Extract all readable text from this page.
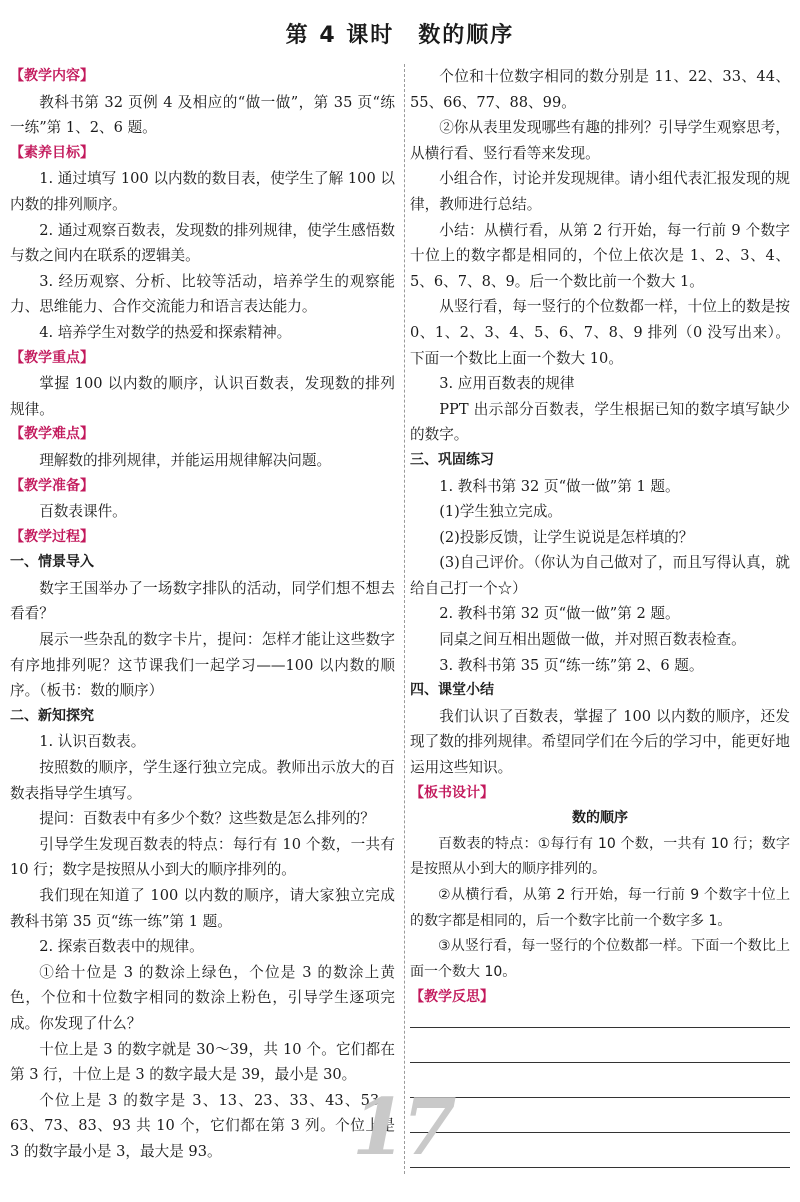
第 4 课时　数的顺序

【教学内容】

教科书第 32 页例 4 及相应的“做一做”，第 35 页“练一练”第 1、2、6 题。

【素养目标】

1. 通过填写 100 以内数的数目表，使学生了解 100 以内数的排列顺序。

2. 通过观察百数表，发现数的排列规律，使学生感悟数与数之间内在联系的逻辑美。

3. 经历观察、分析、比较等活动，培养学生的观察能力、思维能力、合作交流能力和语言表达能力。

4. 培养学生对数学的热爱和探索精神。

【教学重点】

掌握 100 以内数的顺序，认识百数表，发现数的排列规律。

【教学难点】

理解数的排列规律，并能运用规律解决问题。

【教学准备】

百数表课件。

【教学过程】

一、情景导入

数字王国举办了一场数字排队的活动，同学们想不想去看看？

展示一些杂乱的数字卡片，提问：怎样才能让这些数字有序地排列呢？这节课我们一起学习——100 以内数的顺序。（板书：数的顺序）

二、新知探究

1. 认识百数表。

按照数的顺序，学生逐行独立完成。教师出示放大的百数表指导学生填写。

提问：百数表中有多少个数？这些数是怎么排列的？

引导学生发现百数表的特点：每行有 10 个数，一共有 10 行；数字是按照从小到大的顺序排列的。

我们现在知道了 100 以内数的顺序，请大家独立完成教科书第 35 页“练一练”第 1 题。

2. 探索百数表中的规律。

①给十位是 3 的数涂上绿色，个位是 3 的数涂上黄色，个位和十位数字相同的数涂上粉色，引导学生逐项完成。你发现了什么？

十位上是 3 的数字就是 30～39，共 10 个。它们都在第 3 行，十位上是 3 的数字最大是 39，最小是 30。

个位上是 3 的数字是 3、13、23、33、43、53、63、73、83、93 共 10 个，它们都在第 3 列。个位上是 3 的数字最小是 3，最大是 93。

个位和十位数字相同的数分别是 11、22、33、44、55、66、77、88、99。

②你从表里发现哪些有趣的排列？引导学生观察思考，从横行看、竖行看等来发现。

小组合作，讨论并发现规律。请小组代表汇报发现的规律，教师进行总结。

小结：从横行看，从第 2 行开始，每一行前 9 个数字十位上的数字都是相同的，个位上依次是 1、2、3、4、5、6、7、8、9。后一个数比前一个数大 1。

从竖行看，每一竖行的个位数都一样，十位上的数是按 0、1、2、3、4、5、6、7、8、9 排列（0 没写出来）。下面一个数比上面一个数大 10。

3. 应用百数表的规律

PPT 出示部分百数表，学生根据已知的数字填写缺少的数字。

三、巩固练习

1. 教科书第 32 页“做一做”第 1 题。

(1)学生独立完成。

(2)投影反馈，让学生说说是怎样填的？

(3)自己评价。（你认为自己做对了，而且写得认真，就给自己打一个☆）

2. 教科书第 32 页“做一做”第 2 题。

同桌之间互相出题做一做，并对照百数表检查。

3. 教科书第 35 页“练一练”第 2、6 题。

四、课堂小结

我们认识了百数表，掌握了 100 以内数的顺序，还发现了数的排列规律。希望同学们在今后的学习中，能更好地运用这些知识。

【板书设计】

数的顺序

百数表的特点：①每行有 10 个数，一共有 10 行；数字是按照从小到大的顺序排列的。

②从横行看，从第 2 行开始，每一行前 9 个数字十位上的数字都是相同的，后一个数字比前一个数字多 1。

③从竖行看，每一竖行的个位数都一样。下面一个数比上面一个数大 10。

【教学反思】

17
